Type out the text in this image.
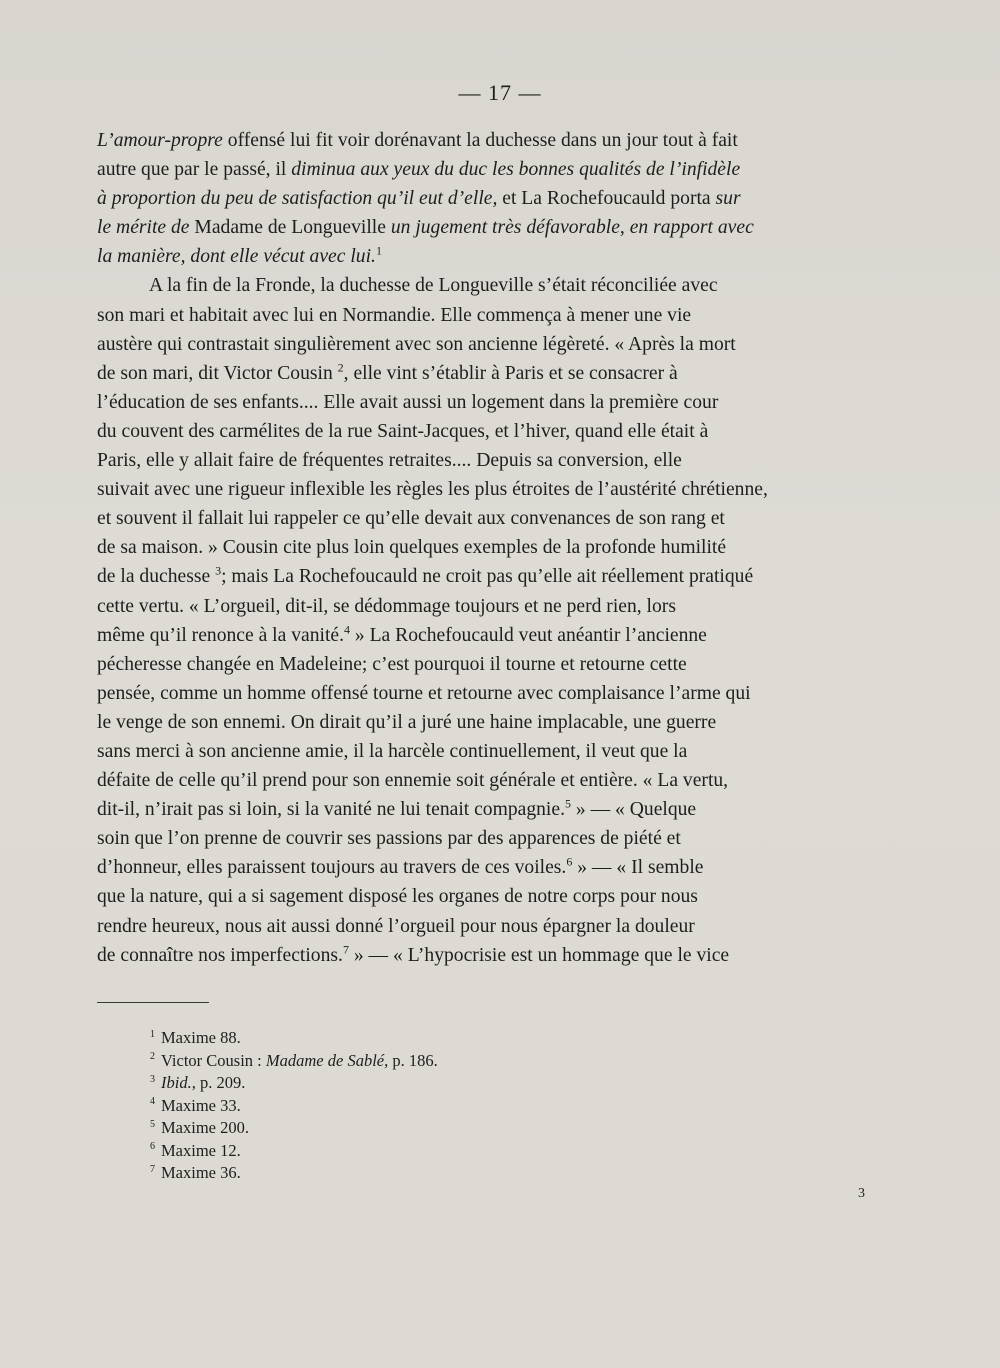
— 17 —
L’amour-propre offensé lui fit voir dorénavant la duchesse dans un jour tout à fait
autre que par le passé, il diminua aux yeux du duc les bonnes qualités de l’infidèle
à proportion du peu de satisfaction qu’il eut d’elle, et La Rochefoucauld porta sur
le mérite de Madame de Longueville un jugement très défavorable, en rapport avec
la manière, dont elle vécut avec lui.$^1$
A la fin de la Fronde, la duchesse de Longueville s’était réconciliée avec
son mari et habitait avec lui en Normandie. Elle commença à mener une vie
austère qui contrastait singulièrement avec son ancienne légèreté. « Après la mort
de son mari, dit Victor Cousin $^2$, elle vint s’établir à Paris et se consacrer à
l’éducation de ses enfants.... Elle avait aussi un logement dans la première cour
du couvent des carmélites de la rue Saint-Jacques, et l’hiver, quand elle était à
Paris, elle y allait faire de fréquentes retraites.... Depuis sa conversion, elle
suivait avec une rigueur inflexible les règles les plus étroites de l’austérité chrétienne,
et souvent il fallait lui rappeler ce qu’elle devait aux convenances de son rang et
de sa maison. » Cousin cite plus loin quelques exemples de la profonde humilité
de la duchesse $^3$; mais La Rochefoucauld ne croit pas qu’elle ait réellement pratiqué
cette vertu. « L’orgueil, dit-il, se dédommage toujours et ne perd rien, lors
même qu’il renonce à la vanité.$^4$ » La Rochefoucauld veut anéantir l’ancienne
pécheresse changée en Madeleine; c’est pourquoi il tourne et retourne cette
pensée, comme un homme offensé tourne et retourne avec complaisance l’arme qui
le venge de son ennemi. On dirait qu’il a juré une haine implacable, une guerre
sans merci à son ancienne amie, il la harcèle continuellement, il veut que la
défaite de celle qu’il prend pour son ennemie soit générale et entière. « La vertu,
dit-il, n’irait pas si loin, si la vanité ne lui tenait compagnie.$^5$ » — « Quelque
soin que l’on prenne de couvrir ses passions par des apparences de piété et
d’honneur, elles paraissent toujours au travers de ces voiles.$^6$ » — « Il semble
que la nature, qui a si sagement disposé les organes de notre corps pour nous
rendre heureux, nous ait aussi donné l’orgueil pour nous épargner la douleur
de connaître nos imperfections.$^7$ » — « L’hypocrisie est un hommage que le vice
$^1$ Maxime 88.
$^2$ Victor Cousin : Madame de Sablé, p. 186.
$^3$ Ibid., p. 209.
$^4$ Maxime 33.
$^5$ Maxime 200.
$^6$ Maxime 12.
$^7$ Maxime 36.
3
